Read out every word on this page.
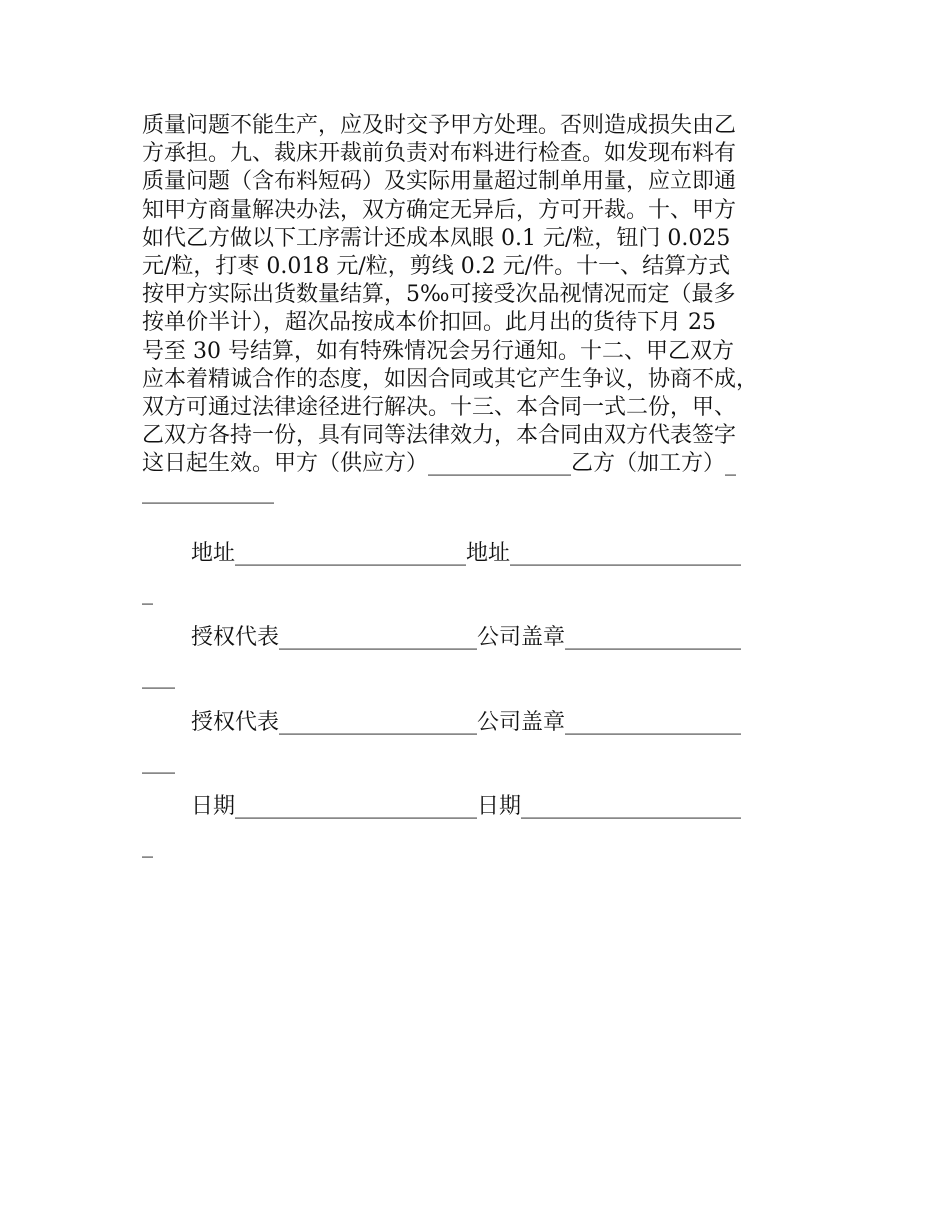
质量问题不能生产，应及时交予甲方处理。否则造成损失由乙
方承担。九、裁床开裁前负责对布料进行检查。如发现布料有
质量问题（含布料短码）及实际用量超过制单用量，应立即通
知甲方商量解决办法，双方确定无异后，方可开裁。十、甲方
如代乙方做以下工序需计还成本凤眼 0.1 元/粒，钮门 0.025
元/粒，打枣 0.018 元/粒，剪线 0.2 元/件。十一、结算方式
按甲方实际出货数量结算，5‰可接受次品视情况而定（最多
按单价半计），超次品按成本价扣回。此月出的货待下月 25
号至 30 号结算，如有特殊情况会另行通知。十二、甲乙双方
应本着精诚合作的态度，如因合同或其它产生争议，协商不成，
双方可通过法律途径进行解决。十三、本合同一式二份，甲、
乙双方各持一份，具有同等法律效力，本合同由双方代表签字
这日起生效。甲方（供应方）_____________乙方（加工方）_
____________

地址_____________________地址_____________________
_
授权代表__________________公司盖章________________
___
授权代表__________________公司盖章________________
___
日期______________________日期____________________
_
